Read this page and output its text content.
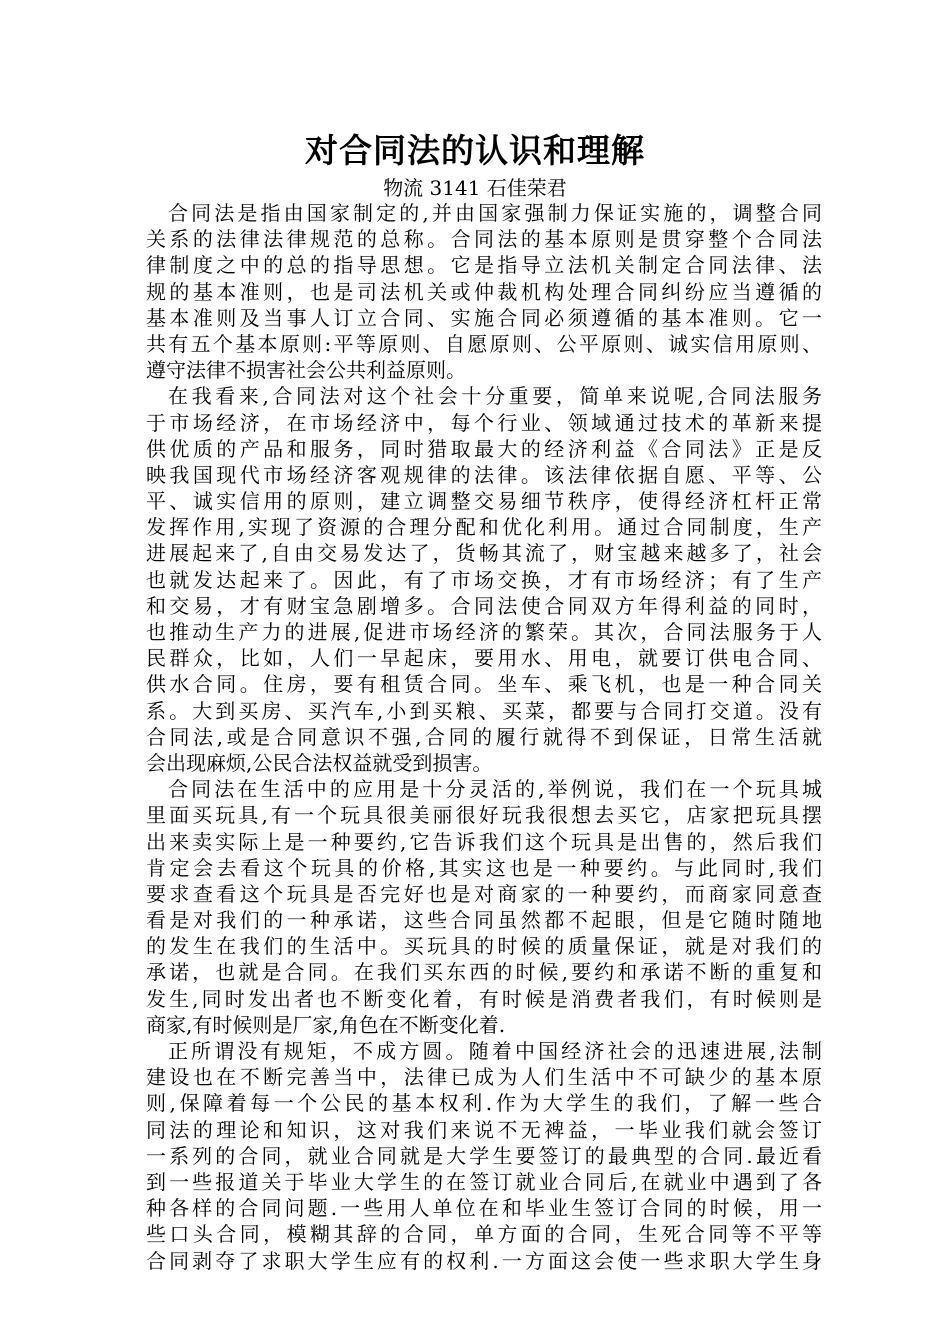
对合同法的认识和理解
物流 3141 石佳荣君
合同法是指由国家制定的,并由国家强制力保证实施的，调整合同
关系的法律法律规范的总称。合同法的基本原则是贯穿整个合同法
律制度之中的总的指导思想。它是指导立法机关制定合同法律、法
规的基本准则，也是司法机关或仲裁机构处理合同纠纷应当遵循的
基本准则及当事人订立合同、实施合同必须遵循的基本准则。它一
共有五个基本原则:平等原则、自愿原则、公平原则、诚实信用原则、
遵守法律不损害社会公共利益原则。
在我看来,合同法对这个社会十分重要，简单来说呢,合同法服务
于市场经济，在市场经济中，每个行业、领域通过技术的革新来提
供优质的产品和服务，同时猎取最大的经济利益《合同法》正是反
映我国现代市场经济客观规律的法律。该法律依据自愿、平等、公
平、诚实信用的原则，建立调整交易细节秩序，使得经济杠杆正常
发挥作用,实现了资源的合理分配和优化利用。通过合同制度，生产
进展起来了,自由交易发达了，货畅其流了，财宝越来越多了，社会
也就发达起来了。因此，有了市场交换，才有市场经济；有了生产
和交易，才有财宝急剧增多。合同法使合同双方年得利益的同时，
也推动生产力的进展,促进市场经济的繁荣。其次，合同法服务于人
民群众，比如，人们一早起床，要用水、用电，就要订供电合同、
供水合同。住房，要有租赁合同。坐车、乘飞机，也是一种合同关
系。大到买房、买汽车,小到买粮、买菜，都要与合同打交道。没有
合同法,或是合同意识不强,合同的履行就得不到保证，日常生活就
会出现麻烦,公民合法权益就受到损害。
合同法在生活中的应用是十分灵活的,举例说，我们在一个玩具城
里面买玩具,有一个玩具很美丽很好玩我很想去买它，店家把玩具摆
出来卖实际上是一种要约,它告诉我们这个玩具是出售的，然后我们
肯定会去看这个玩具的价格,其实这也是一种要约。与此同时,我们
要求查看这个玩具是否完好也是对商家的一种要约，而商家同意查
看是对我们的一种承诺，这些合同虽然都不起眼，但是它随时随地
的发生在我们的生活中。买玩具的时候的质量保证，就是对我们的
承诺，也就是合同。在我们买东西的时候,要约和承诺不断的重复和
发生,同时发出者也不断变化着，有时候是消费者我们，有时候则是
商家,有时候则是厂家,角色在不断变化着.
正所谓没有规矩，不成方圆。随着中国经济社会的迅速进展,法制
建设也在不断完善当中，法律已成为人们生活中不可缺少的基本原
则,保障着每一个公民的基本权利.作为大学生的我们，了解一些合
同法的理论和知识，这对我们来说不无裨益，一毕业我们就会签订
一系列的合同，就业合同就是大学生要签订的最典型的合同.最近看
到一些报道关于毕业大学生的在签订就业合同后,在就业中遇到了各
种各样的合同问题.一些用人单位在和毕业生签订合同的时候，用一
些口头合同，模糊其辞的合同，单方面的合同，生死合同等不平等
合同剥夺了求职大学生应有的权利.一方面这会使一些求职大学生身
